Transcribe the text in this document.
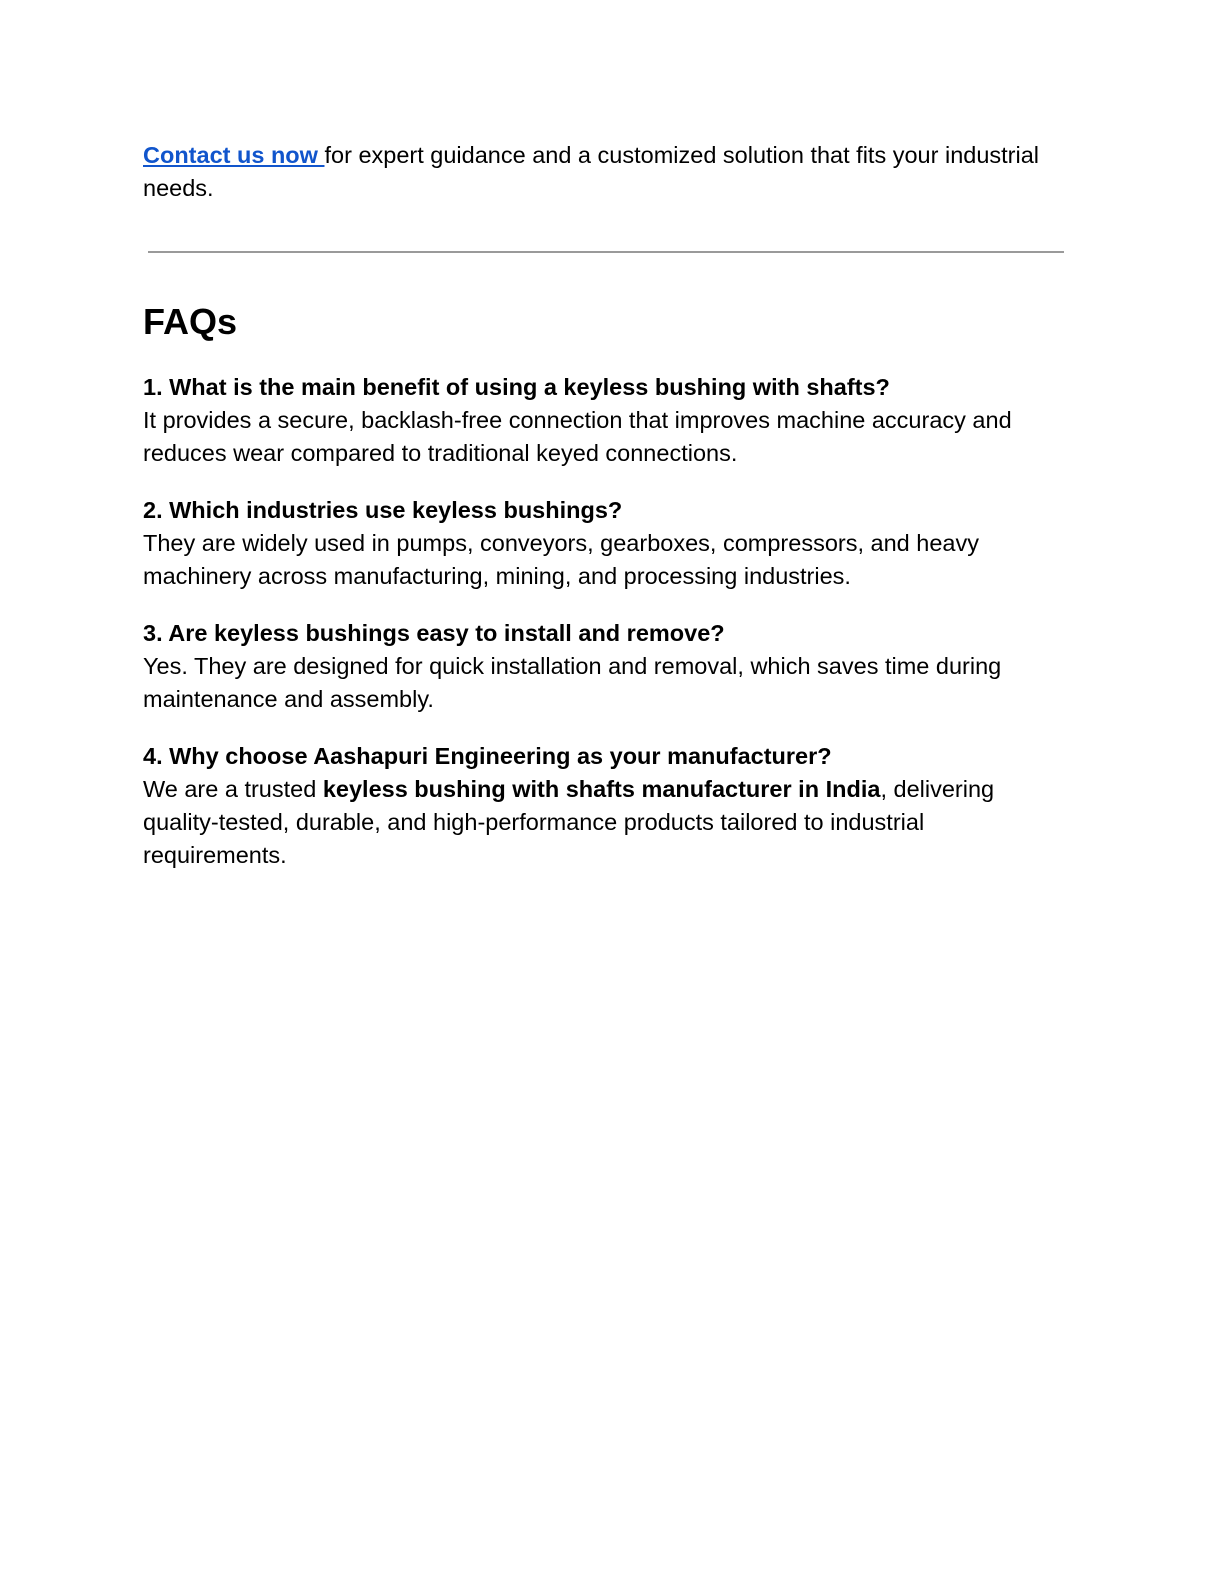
Contact us now for expert guidance and a customized solution that fits your industrial needs.

FAQs

1. What is the main benefit of using a keyless bushing with shafts?

It provides a secure, backlash-free connection that improves machine accuracy and reduces wear compared to traditional keyed connections.

2. Which industries use keyless bushings?

They are widely used in pumps, conveyors, gearboxes, compressors, and heavy machinery across manufacturing, mining, and processing industries.

3. Are keyless bushings easy to install and remove?

Yes. They are designed for quick installation and removal, which saves time during maintenance and assembly.

4. Why choose Aashapuri Engineering as your manufacturer?

We are a trusted keyless bushing with shafts manufacturer in India, delivering quality-tested, durable, and high-performance products tailored to industrial requirements.
